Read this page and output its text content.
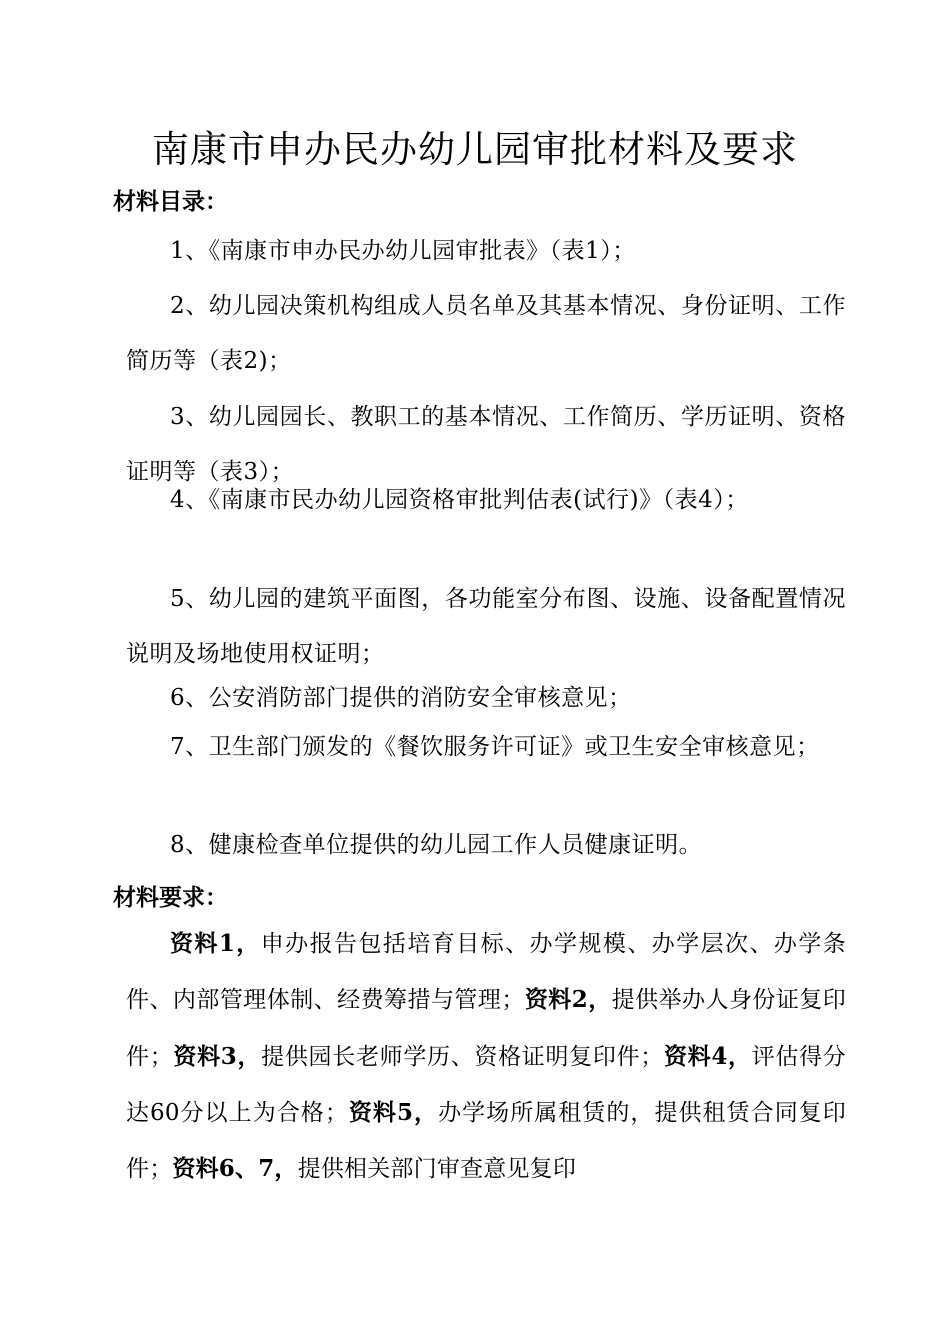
南康市申办民办幼儿园审批材料及要求
材料目录：
1、《南康市申办民办幼儿园审批表》（表1）；
2、幼儿园决策机构组成人员名单及其基本情况、身份证明、工作简历等（表2)；
3、幼儿园园长、教职工的基本情况、工作简历、学历证明、资格证明等（表3）；
4、《南康市民办幼儿园资格审批判估表(试行)》（表4）；
5、幼儿园的建筑平面图，各功能室分布图、设施、设备配置情况说明及场地使用权证明；
6、公安消防部门提供的消防安全审核意见；
7、卫生部门颁发的《餐饮服务许可证》或卫生安全审核意见；
8、健康检查单位提供的幼儿园工作人员健康证明。
材料要求：
资料1，申办报告包括培育目标、办学规模、办学层次、办学条件、内部管理体制、经费筹措与管理；资料2，提供举办人身份证复印件；资料3，提供园长老师学历、资格证明复印件；资料4，评估得分达60分以上为合格；资料5，办学场所属租赁的，提供租赁合同复印件；资料6、7，提供相关部门审查意见复印
